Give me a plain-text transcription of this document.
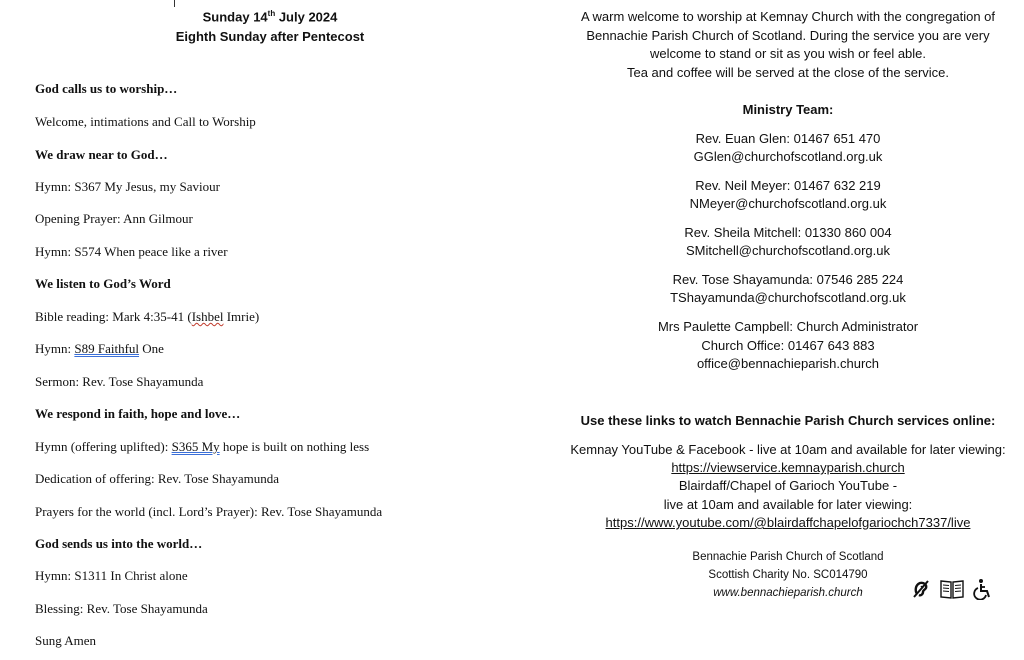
Sunday 14th July 2024
Eighth Sunday after Pentecost
God calls us to worship…
Welcome, intimations and Call to Worship
We draw near to God…
Hymn: S367 My Jesus, my Saviour
Opening Prayer: Ann Gilmour
Hymn: S574 When peace like a river
We listen to God’s Word
Bible reading: Mark 4:35-41 (Ishbel Imrie)
Hymn: S89 Faithful One
Sermon: Rev. Tose Shayamunda
We respond in faith, hope and love…
Hymn (offering uplifted): S365 My hope is built on nothing less
Dedication of offering: Rev. Tose Shayamunda
Prayers for the world (incl. Lord’s Prayer): Rev. Tose Shayamunda
God sends us into the world…
Hymn: S1311 In Christ alone
Blessing: Rev. Tose Shayamunda
Sung Amen
A warm welcome to worship at Kemnay Church with the congregation of
Bennachie Parish Church of Scotland. During the service you are very
welcome to stand or sit as you wish or feel able.
Tea and coffee will be served at the close of the service.
Ministry Team:
Rev. Euan Glen: 01467 651 470
GGlen@churchofscotland.org.uk
Rev. Neil Meyer: 01467 632 219
NMeyer@churchofscotland.org.uk
Rev. Sheila Mitchell: 01330 860 004
SMitchell@churchofscotland.org.uk
Rev. Tose Shayamunda: 07546 285 224
TShayamunda@churchofscotland.org.uk
Mrs Paulette Campbell: Church Administrator
Church Office: 01467 643 883
office@bennachieparish.church
Use these links to watch Bennachie Parish Church services online:
Kemnay YouTube & Facebook - live at 10am and available for later viewing:
https://viewservice.kemnayparish.church
Blairdaff/Chapel of Garioch YouTube -
live at 10am and available for later viewing:
https://www.youtube.com/@blairdaffchapelofgariochch7337/live
Bennachie Parish Church of Scotland
Scottish Charity No. SC014790
www.bennachieparish.church
